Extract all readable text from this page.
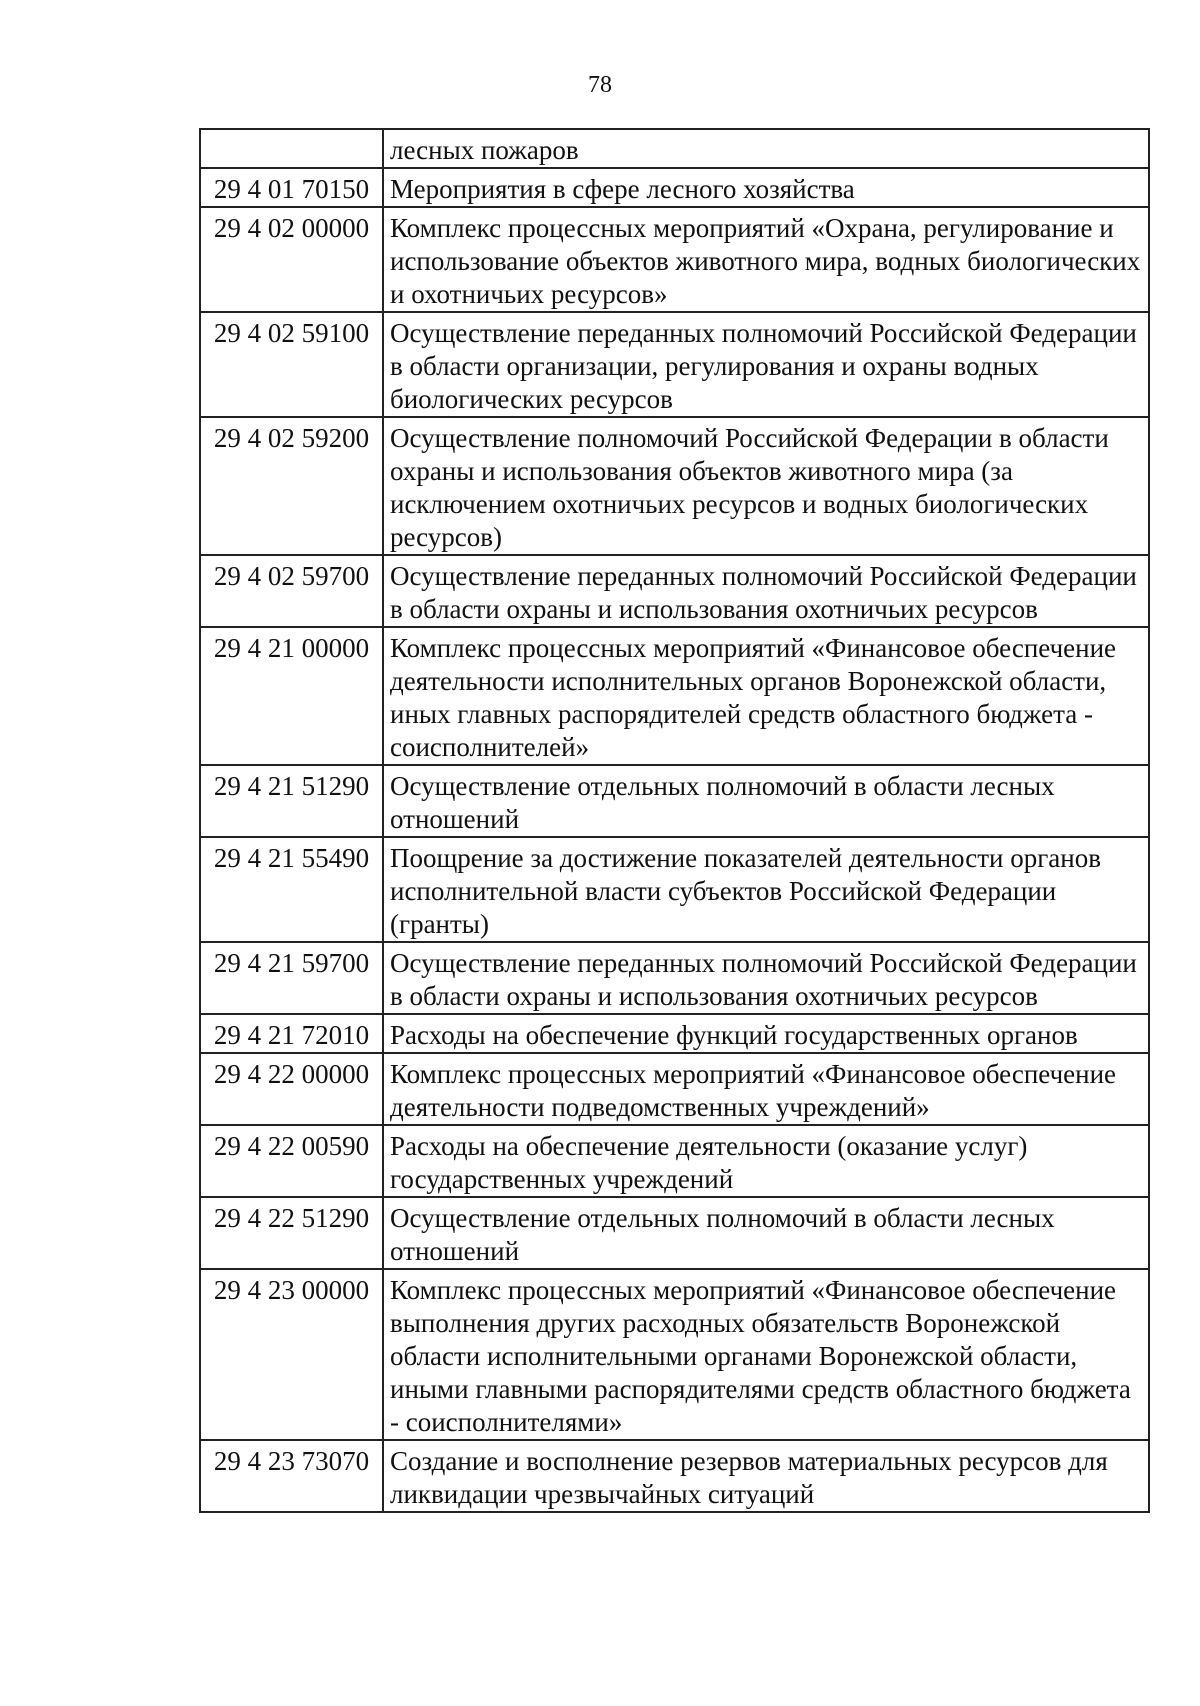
78
	лесных пожаров
29 4 01 70150	Мероприятия в сфере лесного хозяйства
29 4 02 00000	Комплекс процессных мероприятий «Охрана, регулирование и использование объектов животного мира, водных биологических и охотничьих ресурсов»
29 4 02 59100	Осуществление переданных полномочий Российской Федерации в области организации, регулирования и охраны водных биологических ресурсов
29 4 02 59200	Осуществление полномочий Российской Федерации в области охраны и использования объектов животного мира (за исключением охотничьих ресурсов и водных биологических ресурсов)
29 4 02 59700	Осуществление переданных полномочий Российской Федерации в области охраны и использования охотничьих ресурсов
29 4 21 00000	Комплекс процессных мероприятий «Финансовое обеспечение деятельности исполнительных органов Воронежской области, иных главных распорядителей средств областного бюджета - соисполнителей»
29 4 21 51290	Осуществление отдельных полномочий в области лесных отношений
29 4 21 55490	Поощрение за достижение показателей деятельности органов исполнительной власти субъектов Российской Федерации (гранты)
29 4 21 59700	Осуществление переданных полномочий Российской Федерации в области охраны и использования охотничьих ресурсов
29 4 21 72010	Расходы на обеспечение функций государственных органов
29 4 22 00000	Комплекс процессных мероприятий «Финансовое обеспечение деятельности подведомственных учреждений»
29 4 22 00590	Расходы на обеспечение деятельности (оказание услуг) государственных учреждений
29 4 22 51290	Осуществление отдельных полномочий в области лесных отношений
29 4 23 00000	Комплекс процессных мероприятий «Финансовое обеспечение выполнения других расходных обязательств Воронежской области исполнительными органами Воронежской области, иными главными распорядителями средств областного бюджета - соисполнителями»
29 4 23 73070	Создание и восполнение резервов материальных ресурсов для ликвидации чрезвычайных ситуаций
